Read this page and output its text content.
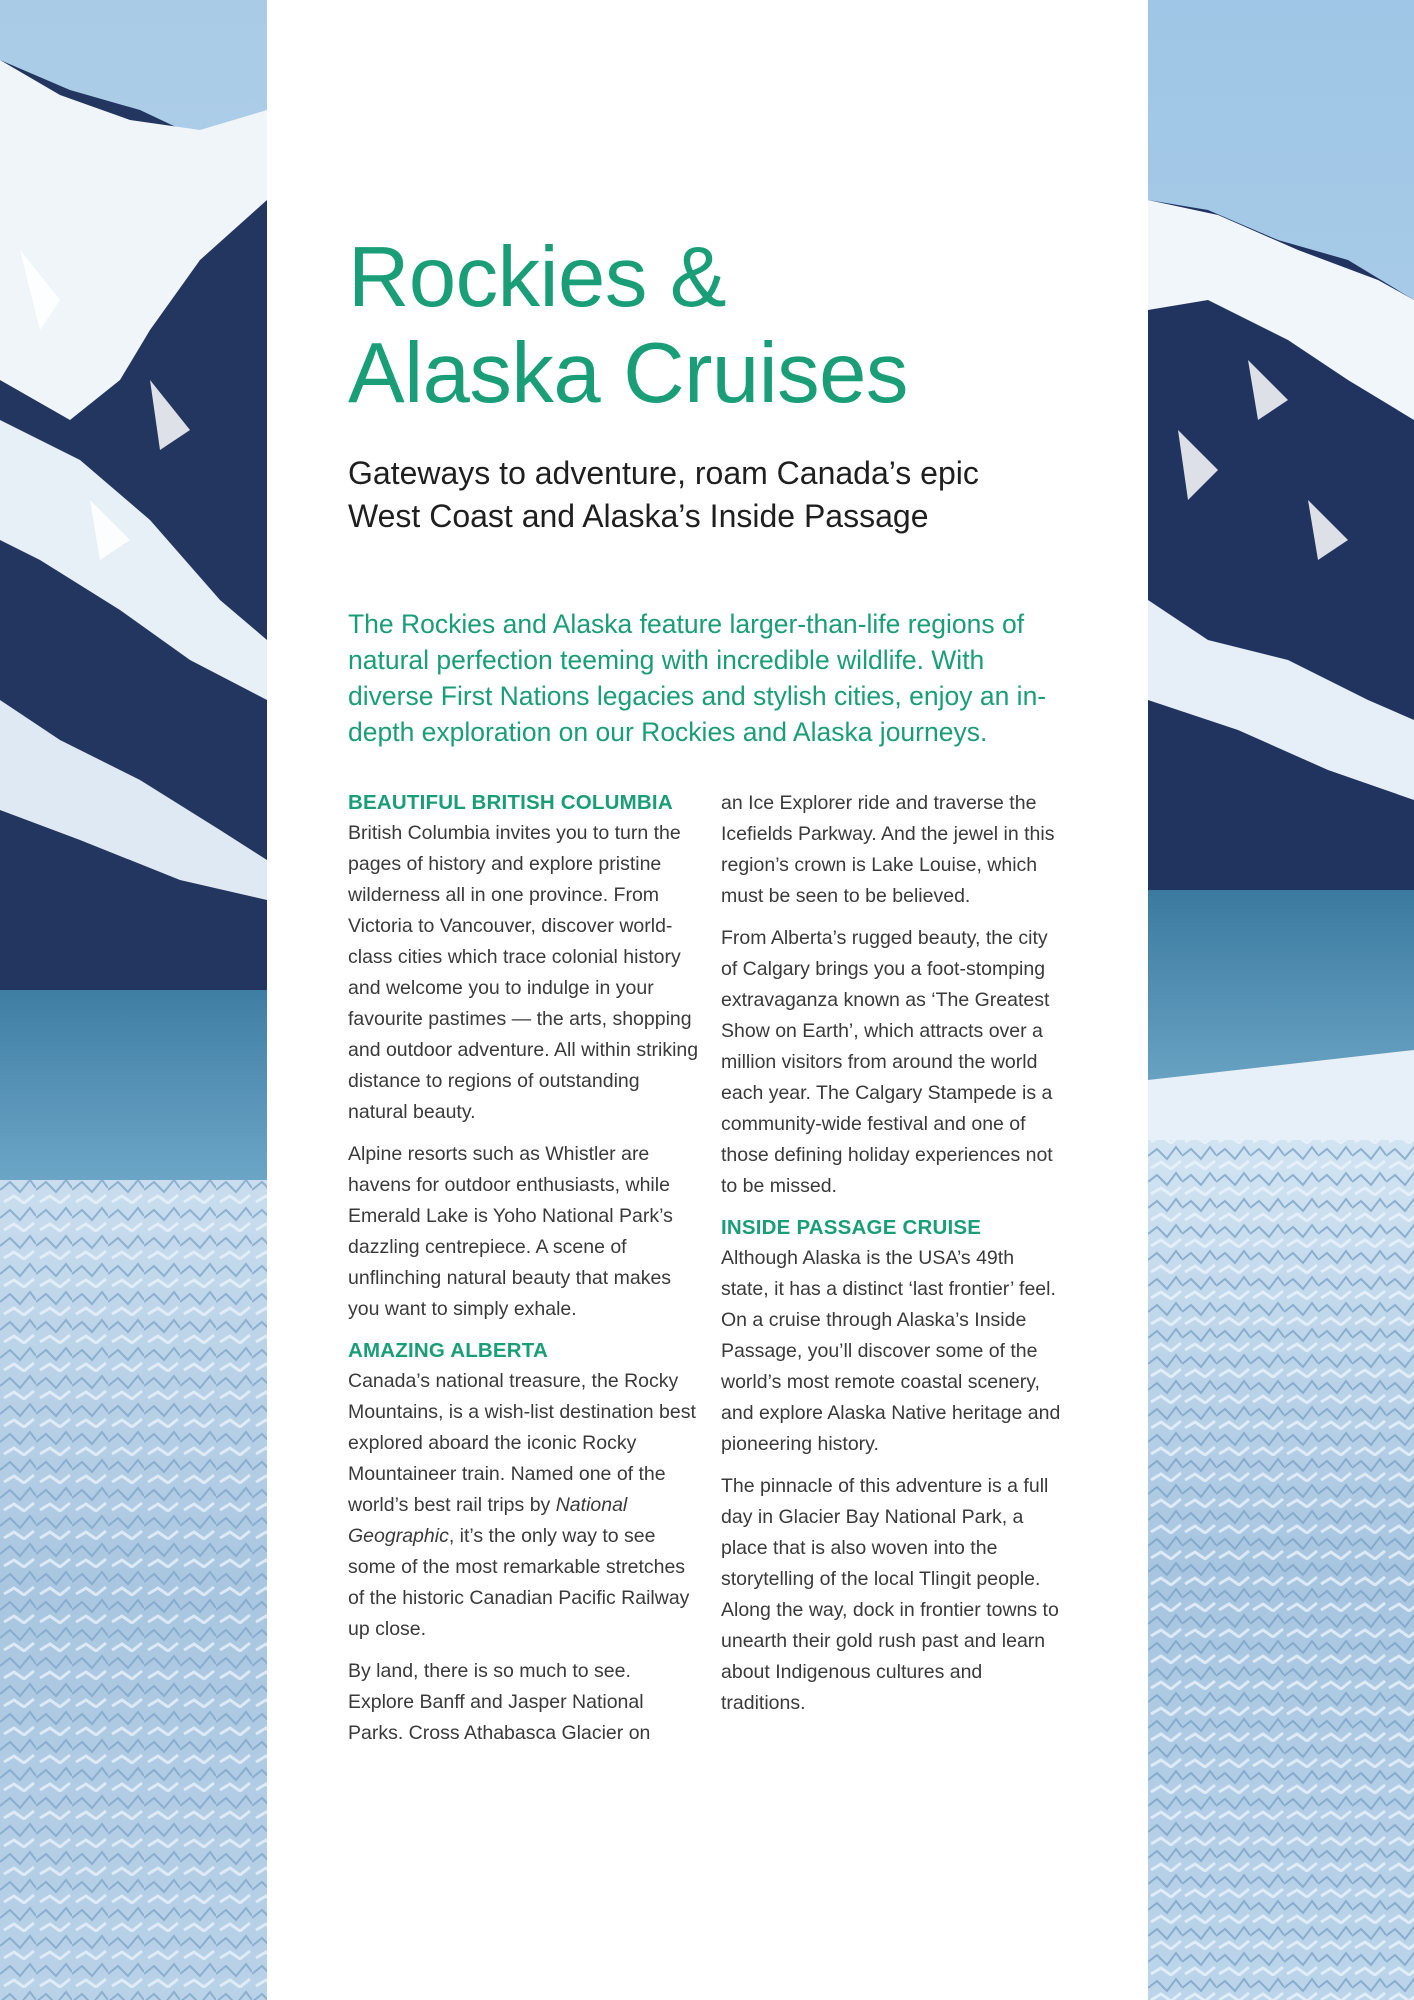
Rockies &
Alaska Cruises
Gateways to adventure, roam Canada’s epic
West Coast and Alaska’s Inside Passage

The Rockies and Alaska feature larger-than-life regions of natural perfection teeming with incredible wildlife. With diverse First Nations legacies and stylish cities, enjoy an in-depth exploration on our Rockies and Alaska journeys.

BEAUTIFUL BRITISH COLUMBIA

British Columbia invites you to turn the pages of history and explore pristine wilderness all in one province. From Victoria to Vancouver, discover world-class cities which trace colonial history and welcome you to indulge in your favourite pastimes — the arts, shopping and outdoor adventure. All within striking distance to regions of outstanding natural beauty.

Alpine resorts such as Whistler are havens for outdoor enthusiasts, while Emerald Lake is Yoho National Park’s dazzling centrepiece. A scene of unflinching natural beauty that makes you want to simply exhale.

AMAZING ALBERTA

Canada’s national treasure, the Rocky Mountains, is a wish-list destination best explored aboard the iconic Rocky Mountaineer train. Named one of the world’s best rail trips by National Geographic, it’s the only way to see some of the most remarkable stretches of the historic Canadian Pacific Railway up close.

By land, there is so much to see. Explore Banff and Jasper National Parks. Cross Athabasca Glacier on

an Ice Explorer ride and traverse the Icefields Parkway. And the jewel in this region’s crown is Lake Louise, which must be seen to be believed.

From Alberta’s rugged beauty, the city of Calgary brings you a foot-stomping extravaganza known as ‘The Greatest Show on Earth’, which attracts over a million visitors from around the world each year. The Calgary Stampede is a community-wide festival and one of those defining holiday experiences not to be missed.

INSIDE PASSAGE CRUISE

Although Alaska is the USA’s 49th state, it has a distinct ‘last frontier’ feel. On a cruise through Alaska’s Inside Passage, you’ll discover some of the world’s most remote coastal scenery, and explore Alaska Native heritage and pioneering history.

The pinnacle of this adventure is a full day in Glacier Bay National Park, a place that is also woven into the storytelling of the local Tlingit people. Along the way, dock in frontier towns to unearth their gold rush past and learn about Indigenous cultures and traditions.
